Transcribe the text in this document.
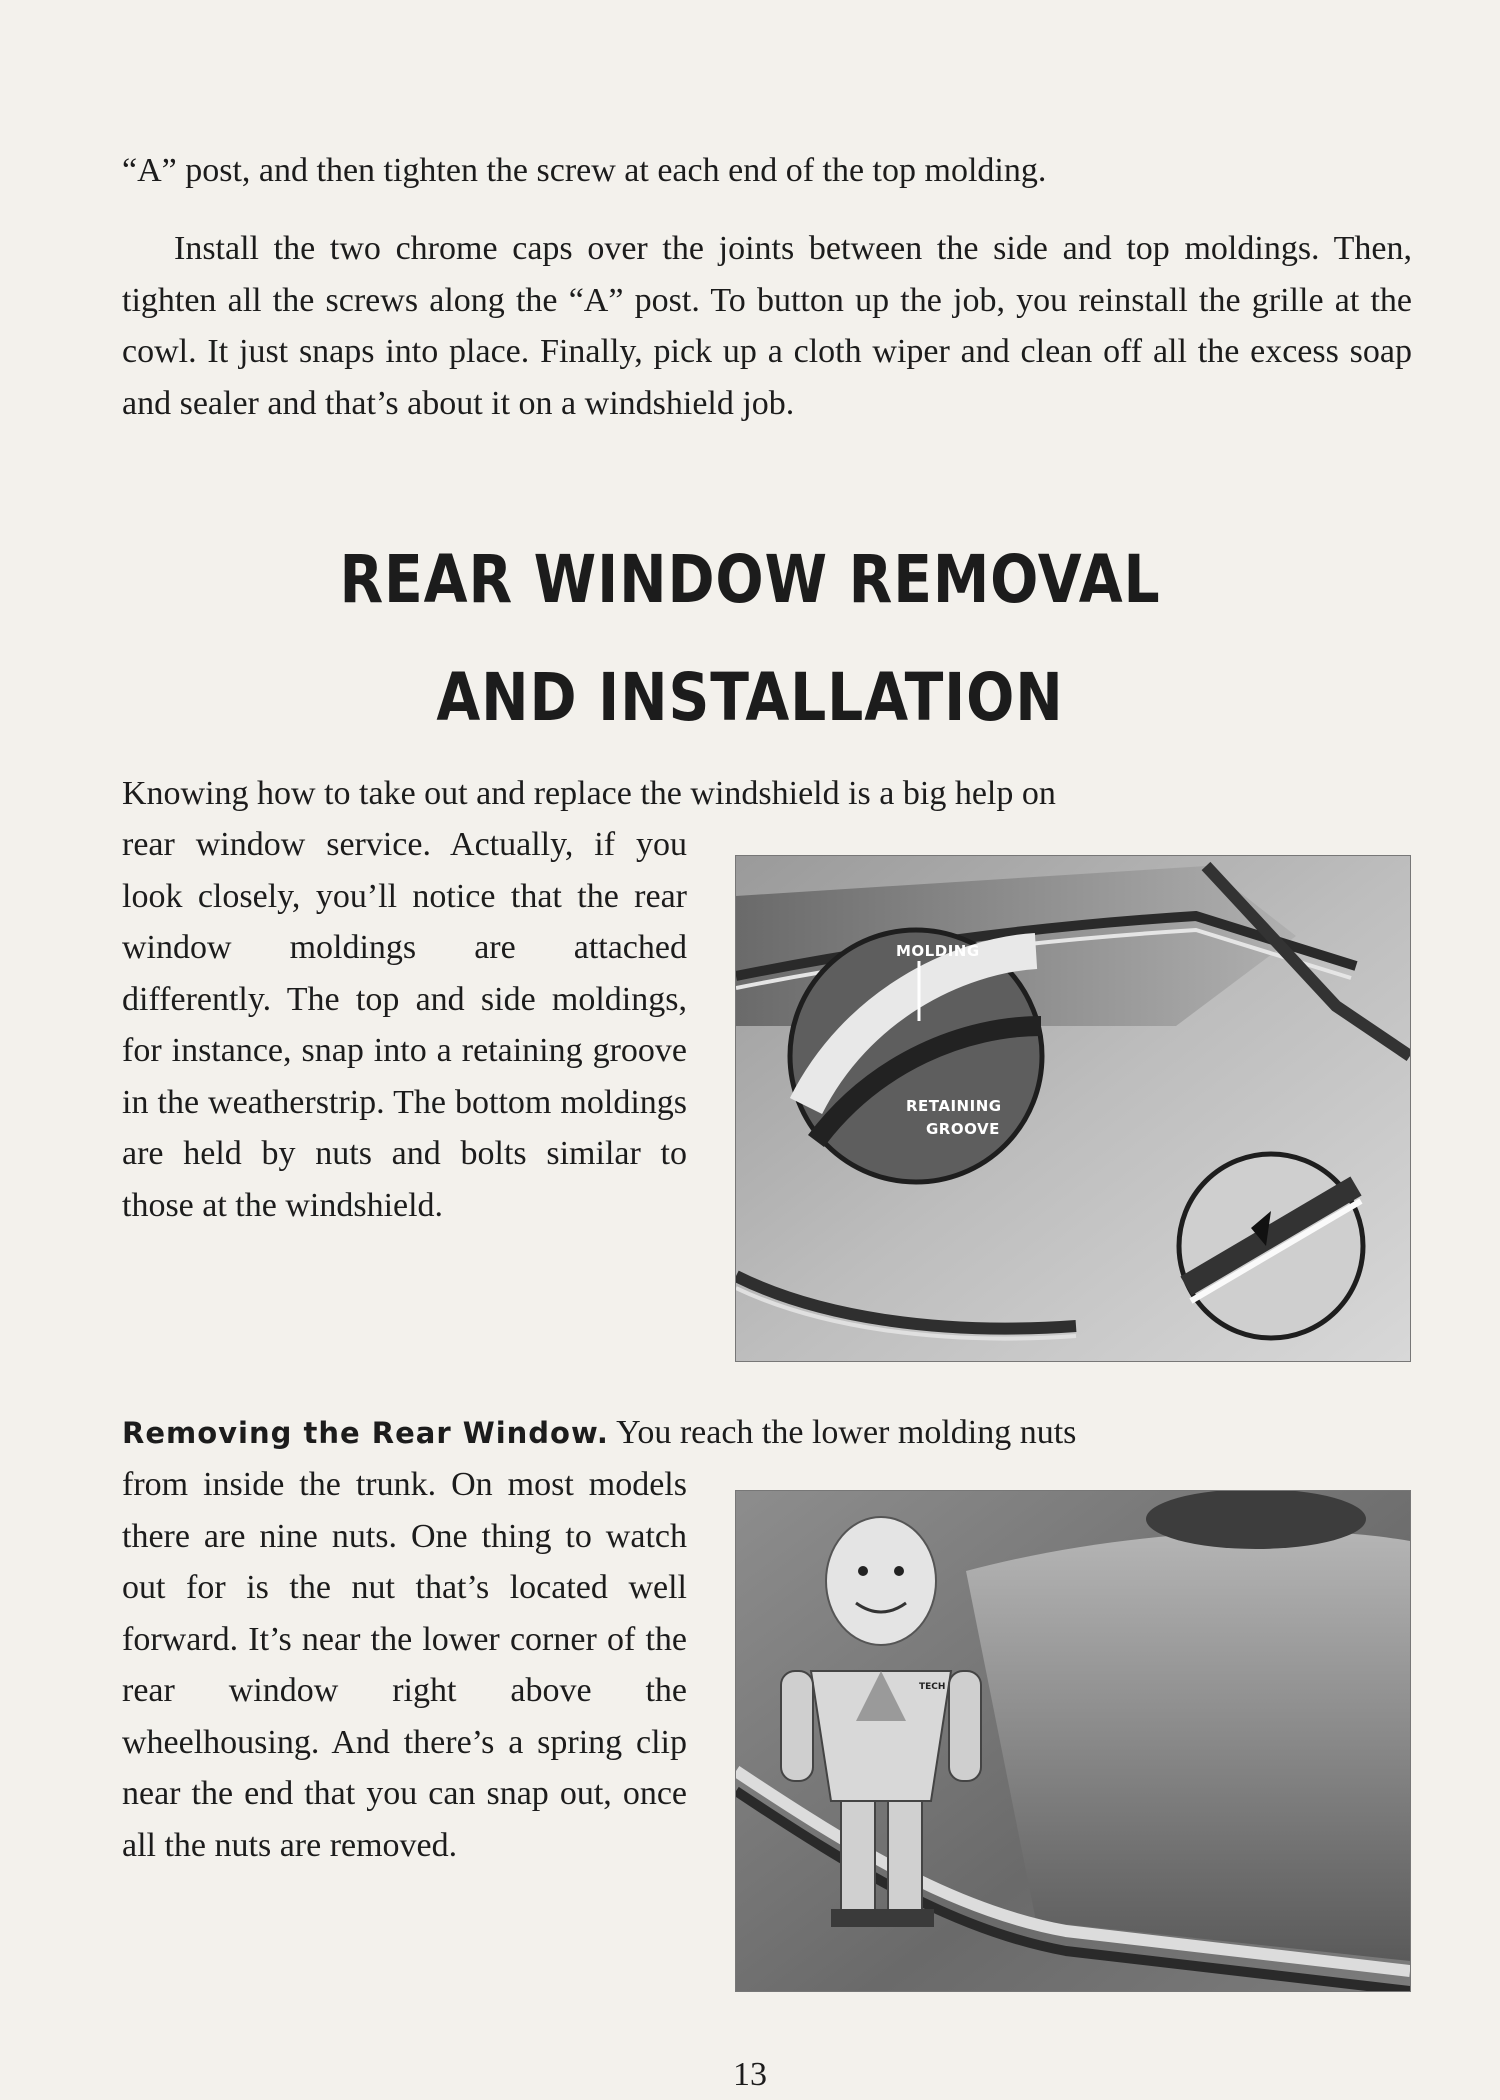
“A” post, and then tighten the screw at each end of the top molding.

Install the two chrome caps over the joints between the side and top moldings. Then, tighten all the screws along the “A” post. To button up the job, you reinstall the grille at the cowl. It just snaps into place. Finally, pick up a cloth wiper and clean off all the excess soap and sealer and that’s about it on a windshield job.

REAR WINDOW REMOVAL
AND INSTALLATION

Knowing how to take out and replace the windshield is a big help on

rear window service. Actually, if you look closely, you’ll notice that the rear window moldings are attached differently. The top and side moldings, for instance, snap into a retaining groove in the weatherstrip. The bottom moldings are held by nuts and bolts similar to those at the windshield.

MOLDING
RETAINING
GROOVE

Removing the Rear Window. You reach the lower molding nuts

from inside the trunk. On most models there are nine nuts. One thing to watch out for is the nut that’s located well forward. It’s near the lower corner of the rear window right above the wheelhousing. And there’s a spring clip near the end that you can snap out, once all the nuts are removed.

TECH
13
